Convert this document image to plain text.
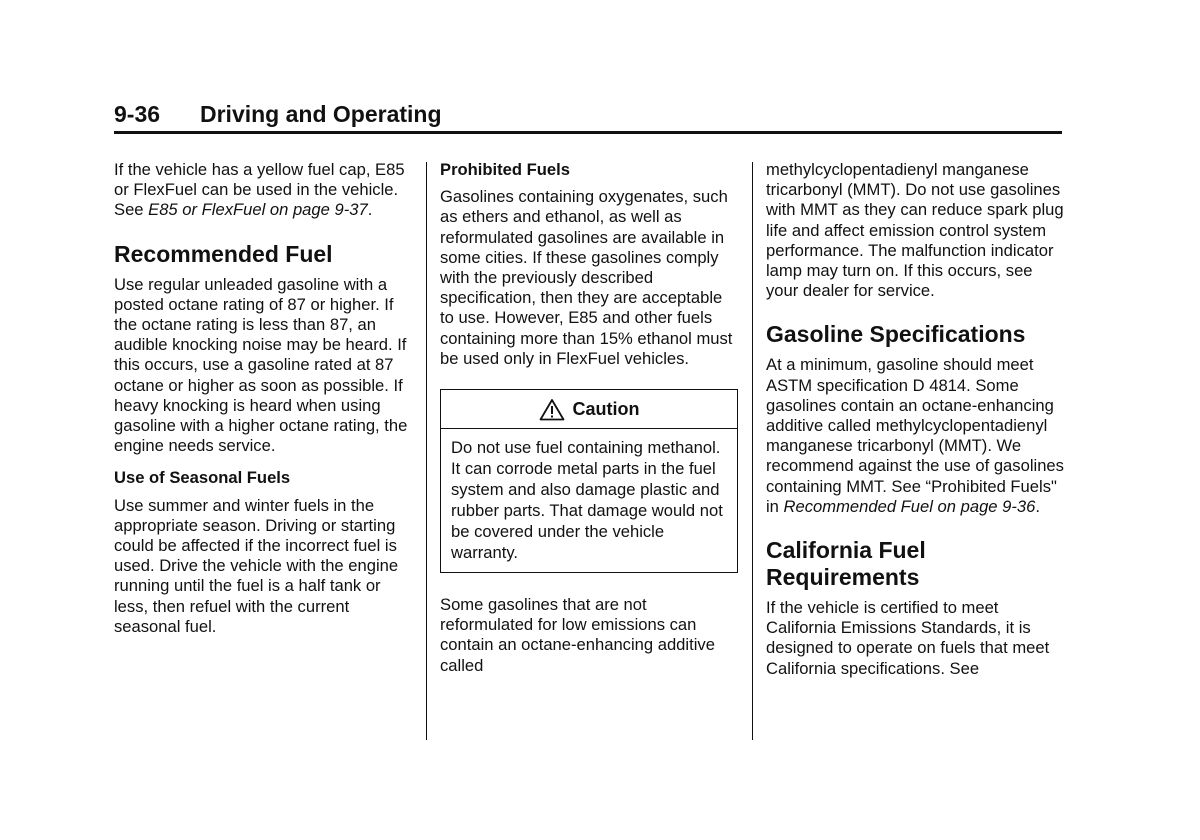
9-36 Driving and Operating

If the vehicle has a yellow fuel cap, E85 or FlexFuel can be used in the vehicle. See E85 or FlexFuel on page 9-37.

Recommended Fuel

Use regular unleaded gasoline with a posted octane rating of 87 or higher. If the octane rating is less than 87, an audible knocking noise may be heard. If this occurs, use a gasoline rated at 87 octane or higher as soon as possible. If heavy knocking is heard when using gasoline with a higher octane rating, the engine needs service.

Use of Seasonal Fuels

Use summer and winter fuels in the appropriate season. Driving or starting could be affected if the incorrect fuel is used. Drive the vehicle with the engine running until the fuel is a half tank or less, then refuel with the current seasonal fuel.

Prohibited Fuels

Gasolines containing oxygenates, such as ethers and ethanol, as well as reformulated gasolines are available in some cities. If these gasolines comply with the previously described specification, then they are acceptable to use. However, E85 and other fuels containing more than 15% ethanol must be used only in FlexFuel vehicles.

Caution
Do not use fuel containing methanol. It can corrode metal parts in the fuel system and also damage plastic and rubber parts. That damage would not be covered under the vehicle warranty.

Some gasolines that are not reformulated for low emissions can contain an octane-enhancing additive called

methylcyclopentadienyl manganese tricarbonyl (MMT). Do not use gasolines with MMT as they can reduce spark plug life and affect emission control system performance. The malfunction indicator lamp may turn on. If this occurs, see your dealer for service.

Gasoline Specifications

At a minimum, gasoline should meet ASTM specification D 4814. Some gasolines contain an octane-enhancing additive called methylcyclopentadienyl manganese tricarbonyl (MMT). We recommend against the use of gasolines containing MMT. See “Prohibited Fuels" in Recommended Fuel on page 9-36.

California Fuel Requirements

If the vehicle is certified to meet California Emissions Standards, it is designed to operate on fuels that meet California specifications. See
